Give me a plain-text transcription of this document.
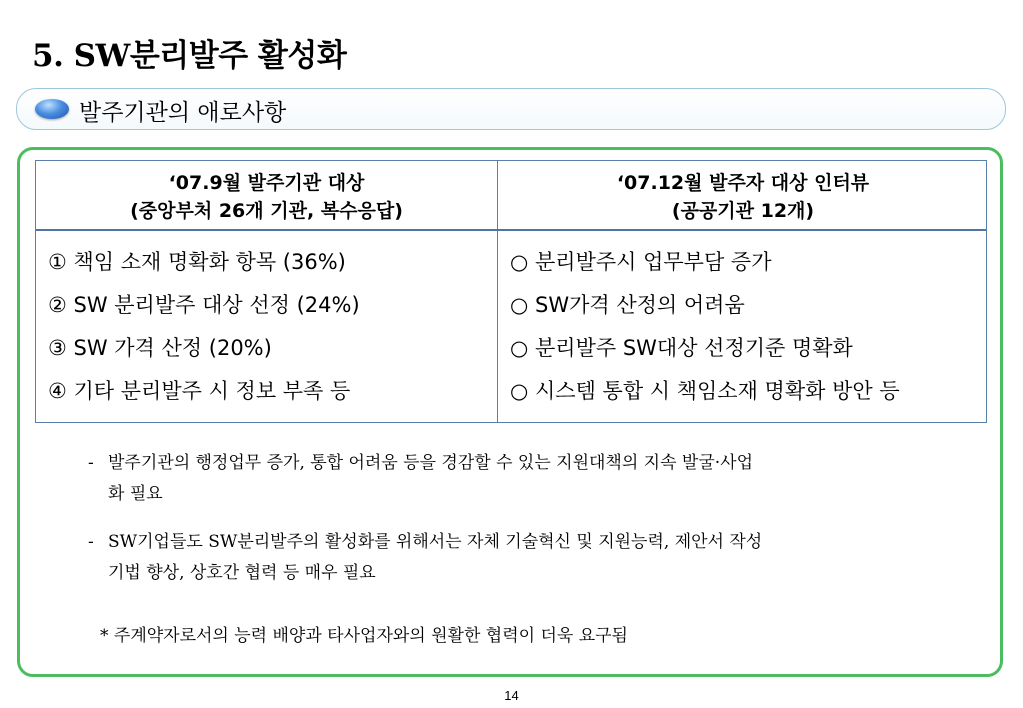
5. SW분리발주 활성화
발주기관의 애로사항
‘07.9월 발주기관 대상
(중앙부처 26개 기관, 복수응답)
‘07.12월 발주자 대상 인터뷰
(공공기관 12개)
① 책임 소재 명확화 항목 (36%)
② SW 분리발주 대상 선정 (24%)
③ SW 가격 산정 (20%)
④ 기타 분리발주 시 정보 부족 등
○ 분리발주시 업무부담 증가
○ SW가격 산정의 어려움
○ 분리발주 SW대상 선정기준 명확화
○ 시스템 통합 시 책임소재 명확화 방안 등
- 발주기관의 행정업무 증가, 통합 어려움 등을 경감할 수 있는 지원대책의 지속 발굴·사업
화 필요
- SW기업들도 SW분리발주의 활성화를 위해서는 자체 기술혁신 및 지원능력, 제안서 작성
기법 향상, 상호간 협력 등 매우 필요
* 주계약자로서의 능력 배양과 타사업자와의 원활한 협력이 더욱 요구됨
14
